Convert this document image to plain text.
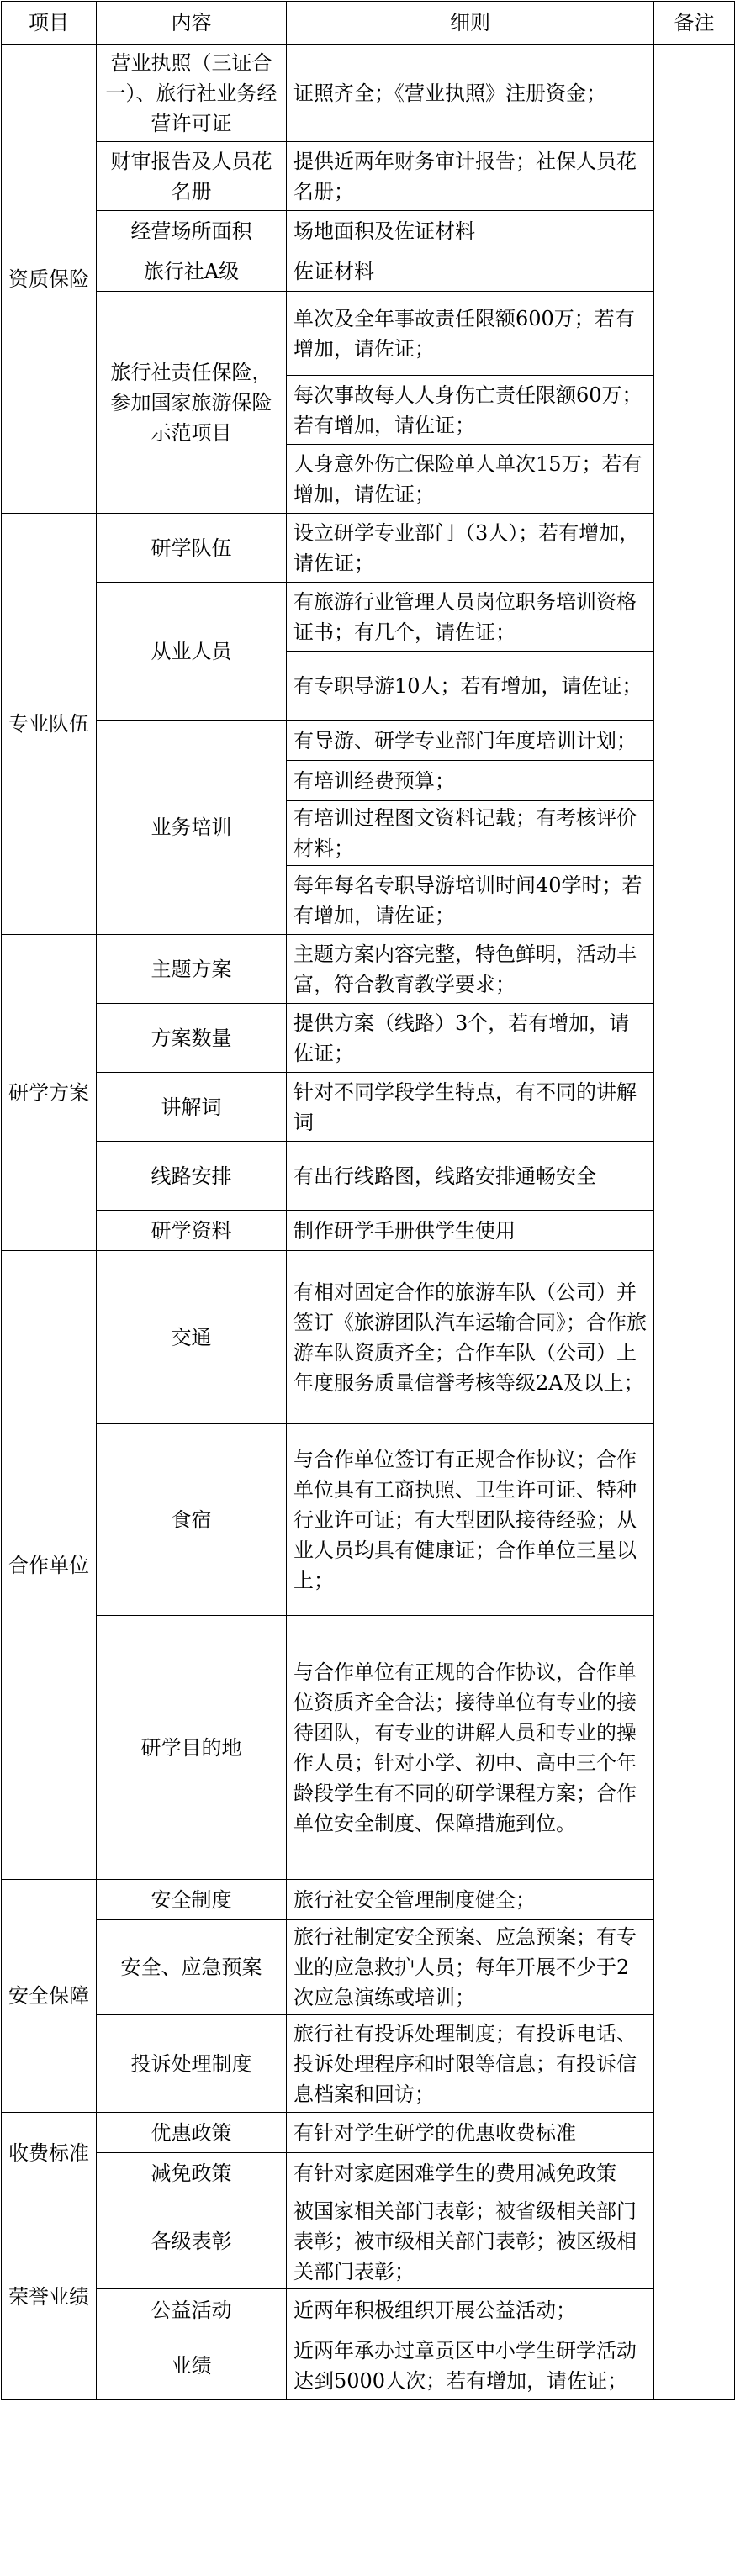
项目	内容	细则	备注
资质保险	营业执照（三证合一）、旅行社业务经营许可证	证照齐全；《营业执照》注册资金；	
	财审报告及人员花名册	提供近两年财务审计报告；社保人员花名册；	
	经营场所面积	场地面积及佐证材料	
	旅行社A级	佐证材料	
	旅行社责任保险，参加国家旅游保险示范项目	单次及全年事故责任限额600万；若有增加，请佐证；	
		每次事故每人人身伤亡责任限额60万；若有增加，请佐证；	
		人身意外伤亡保险单人单次15万；若有增加，请佐证；	
专业队伍	研学队伍	设立研学专业部门（3人）；若有增加，请佐证；	
	从业人员	有旅游行业管理人员岗位职务培训资格证书；有几个，请佐证；	
		有专职导游10人；若有增加，请佐证；	
	业务培训	有导游、研学专业部门年度培训计划；	
		有培训经费预算；	
		有培训过程图文资料记载；有考核评价材料；	
		每年每名专职导游培训时间40学时；若有增加，请佐证；	
研学方案	主题方案	主题方案内容完整，特色鲜明，活动丰富，符合教育教学要求；	
	方案数量	提供方案（线路）3个，若有增加，请佐证；	
	讲解词	针对不同学段学生特点，有不同的讲解词	
	线路安排	有出行线路图，线路安排通畅安全	
	研学资料	制作研学手册供学生使用	
合作单位	交通	有相对固定合作的旅游车队（公司）并签订《旅游团队汽车运输合同》；合作旅游车队资质齐全；合作车队（公司）上年度服务质量信誉考核等级2A及以上；	
	食宿	与合作单位签订有正规合作协议；合作单位具有工商执照、卫生许可证、特种行业许可证；有大型团队接待经验；从业人员均具有健康证；合作单位三星以上；	
	研学目的地	与合作单位有正规的合作协议，合作单位资质齐全合法；接待单位有专业的接待团队，有专业的讲解人员和专业的操作人员；针对小学、初中、高中三个年龄段学生有不同的研学课程方案；合作单位安全制度、保障措施到位。	
安全保障	安全制度	旅行社安全管理制度健全；	
	安全、应急预案	旅行社制定安全预案、应急预案；有专业的应急救护人员；每年开展不少于2次应急演练或培训；	
	投诉处理制度	旅行社有投诉处理制度；有投诉电话、投诉处理程序和时限等信息；有投诉信息档案和回访；	
收费标准	优惠政策	有针对学生研学的优惠收费标准	
	减免政策	有针对家庭困难学生的费用减免政策	
荣誉业绩	各级表彰	被国家相关部门表彰；被省级相关部门表彰；被市级相关部门表彰；被区级相关部门表彰；	
	公益活动	近两年积极组织开展公益活动；	
	业绩	近两年承办过章贡区中小学生研学活动达到5000人次；若有增加，请佐证；	
